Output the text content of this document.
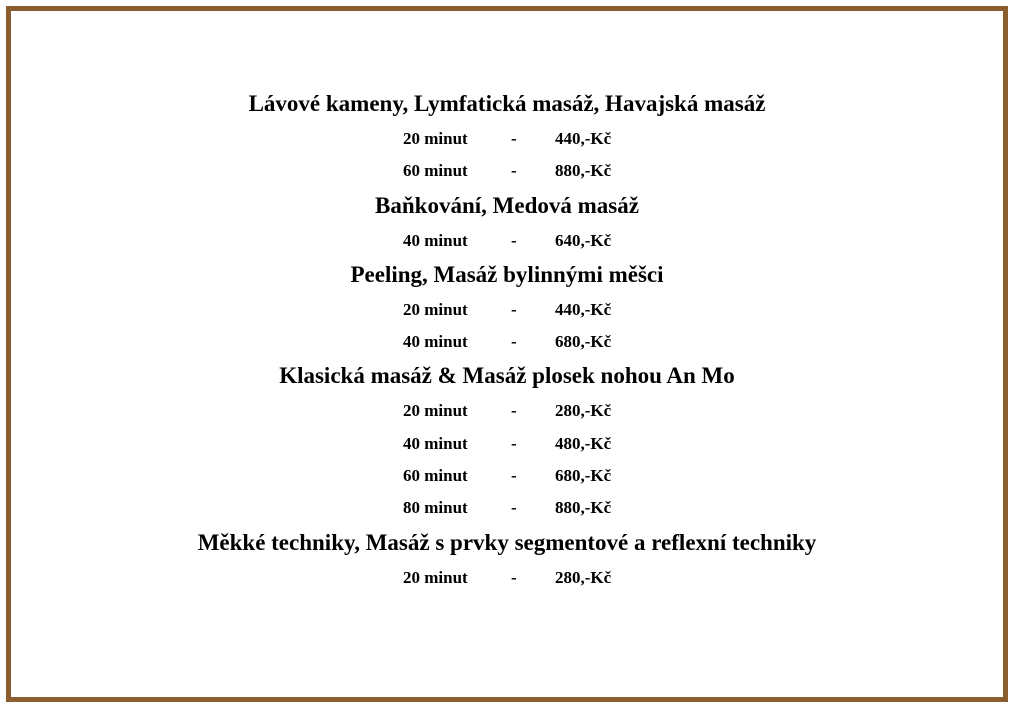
Lávové kameny, Lymfatická masáž, Havajská masáž
20 minut	- 440,-Kč
60 minut	- 880,-Kč
Baňkování, Medová masáž
40 minut	- 640,-Kč
Peeling, Masáž bylinnými měšci
20 minut	- 440,-Kč
40 minut	- 680,-Kč
Klasická masáž & Masáž plosek nohou An Mo
20 minut	- 280,-Kč
40 minut	- 480,-Kč
60 minut	- 680,-Kč
80 minut	- 880,-Kč
Měkké techniky, Masáž s prvky segmentové a reflexní techniky
20 minut	- 280,-Kč
